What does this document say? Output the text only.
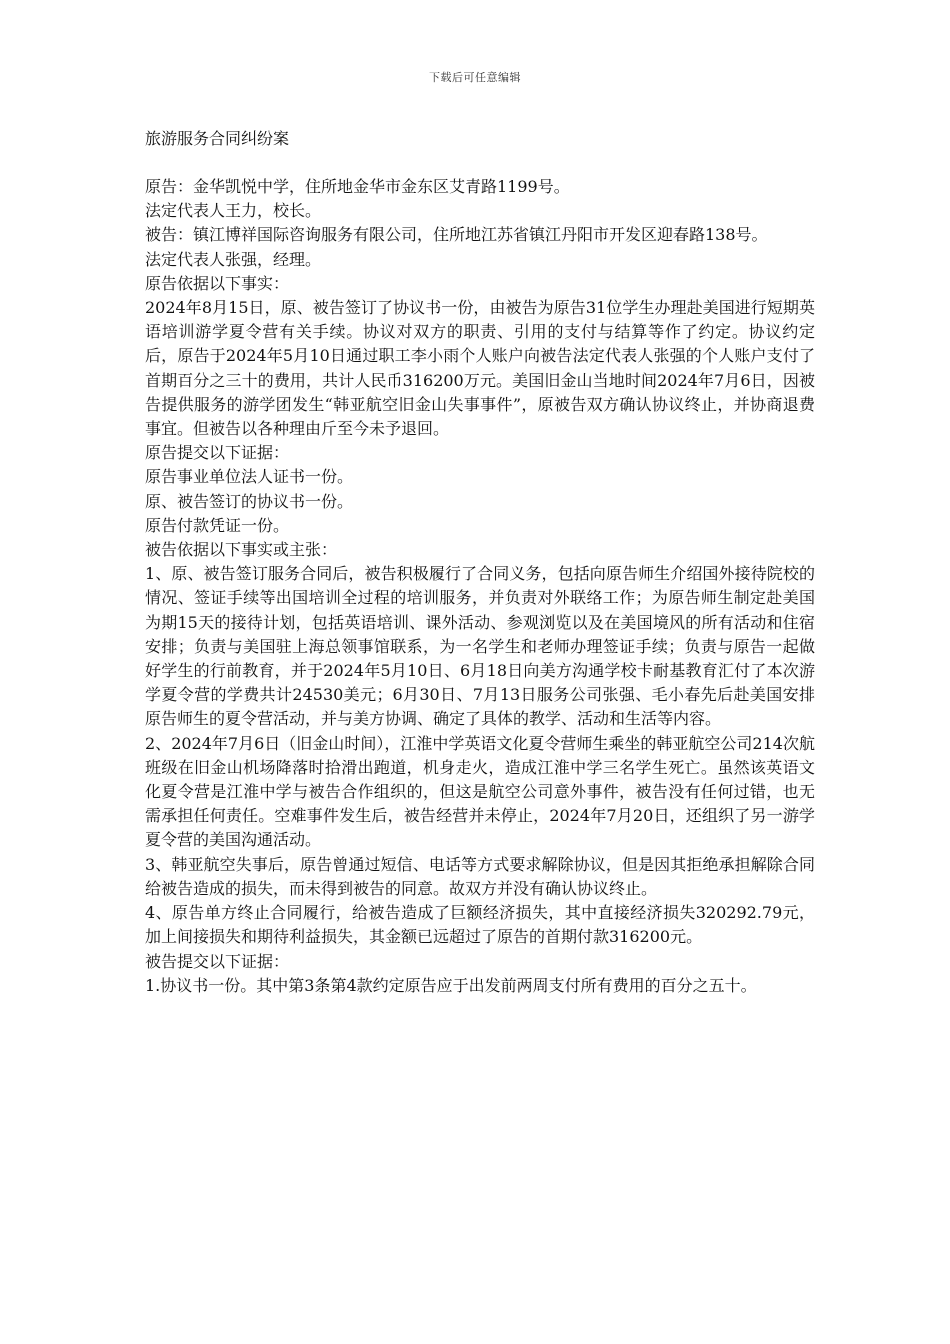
下载后可任意编辑
旅游服务合同纠纷案

原告：金华凯悦中学，住所地金华市金东区艾青路1199号。

法定代表人王力，校长。

被告：镇江博祥国际咨询服务有限公司，住所地江苏省镇江丹阳市开发区迎春路138号。

法定代表人张强，经理。

原告依据以下事实：

2024年8月15日，原、被告签订了协议书一份，由被告为原告31位学生办理赴美国进行短期英语培训游学夏令营有关手续。协议对双方的职责、引用的支付与结算等作了约定。协议约定后，原告于2024年5月10日通过职工李小雨个人账户向被告法定代表人张强的个人账户支付了首期百分之三十的费用，共计人民币316200万元。美国旧金山当地时间2024年7月6日，因被告提供服务的游学团发生“韩亚航空旧金山失事事件”，原被告双方确认协议终止，并协商退费事宜。但被告以各种理由斤至今未予退回。

原告提交以下证据：

原告事业单位法人证书一份。

原、被告签订的协议书一份。

原告付款凭证一份。

被告依据以下事实或主张：

1、原、被告签订服务合同后，被告积极履行了合同义务，包括向原告师生介绍国外接待院校的情况、签证手续等出国培训全过程的培训服务，并负责对外联络工作；为原告师生制定赴美国为期15天的接待计划，包括英语培训、课外活动、参观浏览以及在美国境风的所有活动和住宿安排；负责与美国驻上海总领事馆联系，为一名学生和老师办理签证手续；负责与原告一起做好学生的行前教育，并于2024年5月10日、6月18日向美方沟通学校卡耐基教育汇付了本次游学夏令营的学费共计24530美元；6月30日、7月13日服务公司张强、毛小春先后赴美国安排原告师生的夏令营活动，并与美方协调、确定了具体的教学、活动和生活等内容。

2、2024年7月6日（旧金山时间），江淮中学英语文化夏令营师生乘坐的韩亚航空公司214次航班级在旧金山机场降落时拾滑出跑道，机身走火，造成江淮中学三名学生死亡。虽然该英语文化夏令营是江淮中学与被告合作组织的，但这是航空公司意外事件，被告没有任何过错，也无需承担任何责任。空难事件发生后，被告经营并未停止，2024年7月20日，还组织了另一游学夏令营的美国沟通活动。

3、韩亚航空失事后，原告曾通过短信、电话等方式要求解除协议，但是因其拒绝承担解除合同给被告造成的损失，而未得到被告的同意。故双方并没有确认协议终止。

4、原告单方终止合同履行，给被告造成了巨额经济损失，其中直接经济损失320292.79元，加上间接损失和期待利益损失，其金额已远超过了原告的首期付款316200元。

被告提交以下证据：

1.协议书一份。其中第3条第4款约定原告应于出发前两周支付所有费用的百分之五十。
